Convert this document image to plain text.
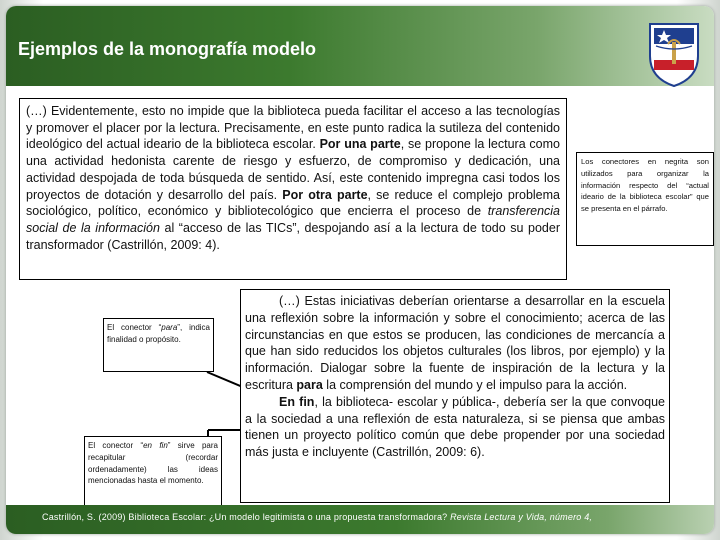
Ejemplos de la monografía modelo
(…) Evidentemente, esto no impide que la biblioteca pueda facilitar el acceso a las tecnologías y promover el placer por la lectura. Precisamente, en este punto radica la sutileza del contenido ideológico del actual ideario de la biblioteca escolar. Por una parte, se propone la lectura como una actividad hedonista carente de riesgo y esfuerzo, de compromiso y dedicación, una actividad despojada de toda búsqueda de sentido. Así, este contenido impregna casi todos los proyectos de dotación y desarrollo del país. Por otra parte, se reduce el complejo problema sociológico, político, económico y bibliotecológico que encierra el proceso de transferencia social de la información al “acceso de las TICs”, despojando así a la lectura de todo su poder transformador (Castrillón, 2009: 4).
Los conectores en negrita son utilizados para organizar la información respecto del “actual ideario de la biblioteca escolar” que se presenta en el párrafo.
El conector “para”, indica finalidad o propósito.
El conector “en fin” sirve para recapitular (recordar ordenadamente) las ideas mencionadas hasta el momento.

(…) Estas iniciativas deberían orientarse a desarrollar en la escuela una reflexión sobre la información y sobre el conocimiento; acerca de las circunstancias en que estos se producen, las condiciones de mercancía a que han sido reducidos los objetos culturales (los libros, por ejemplo) y la información. Dialogar sobre la fuente de inspiración de la lectura y la escritura para la comprensión del mundo y el impulso para la acción.

En fin, la biblioteca- escolar y pública-, debería ser la que convoque a la sociedad a una reflexión de esta naturaleza, si se piensa que ambas tienen un proyecto político común que debe propender por una sociedad más justa e incluyente (Castrillón, 2009: 6).

Castrillón, S. (2009) Biblioteca Escolar: ¿Un modelo legitimista o una propuesta transformadora? Revista Lectura y Vida, número 4,
